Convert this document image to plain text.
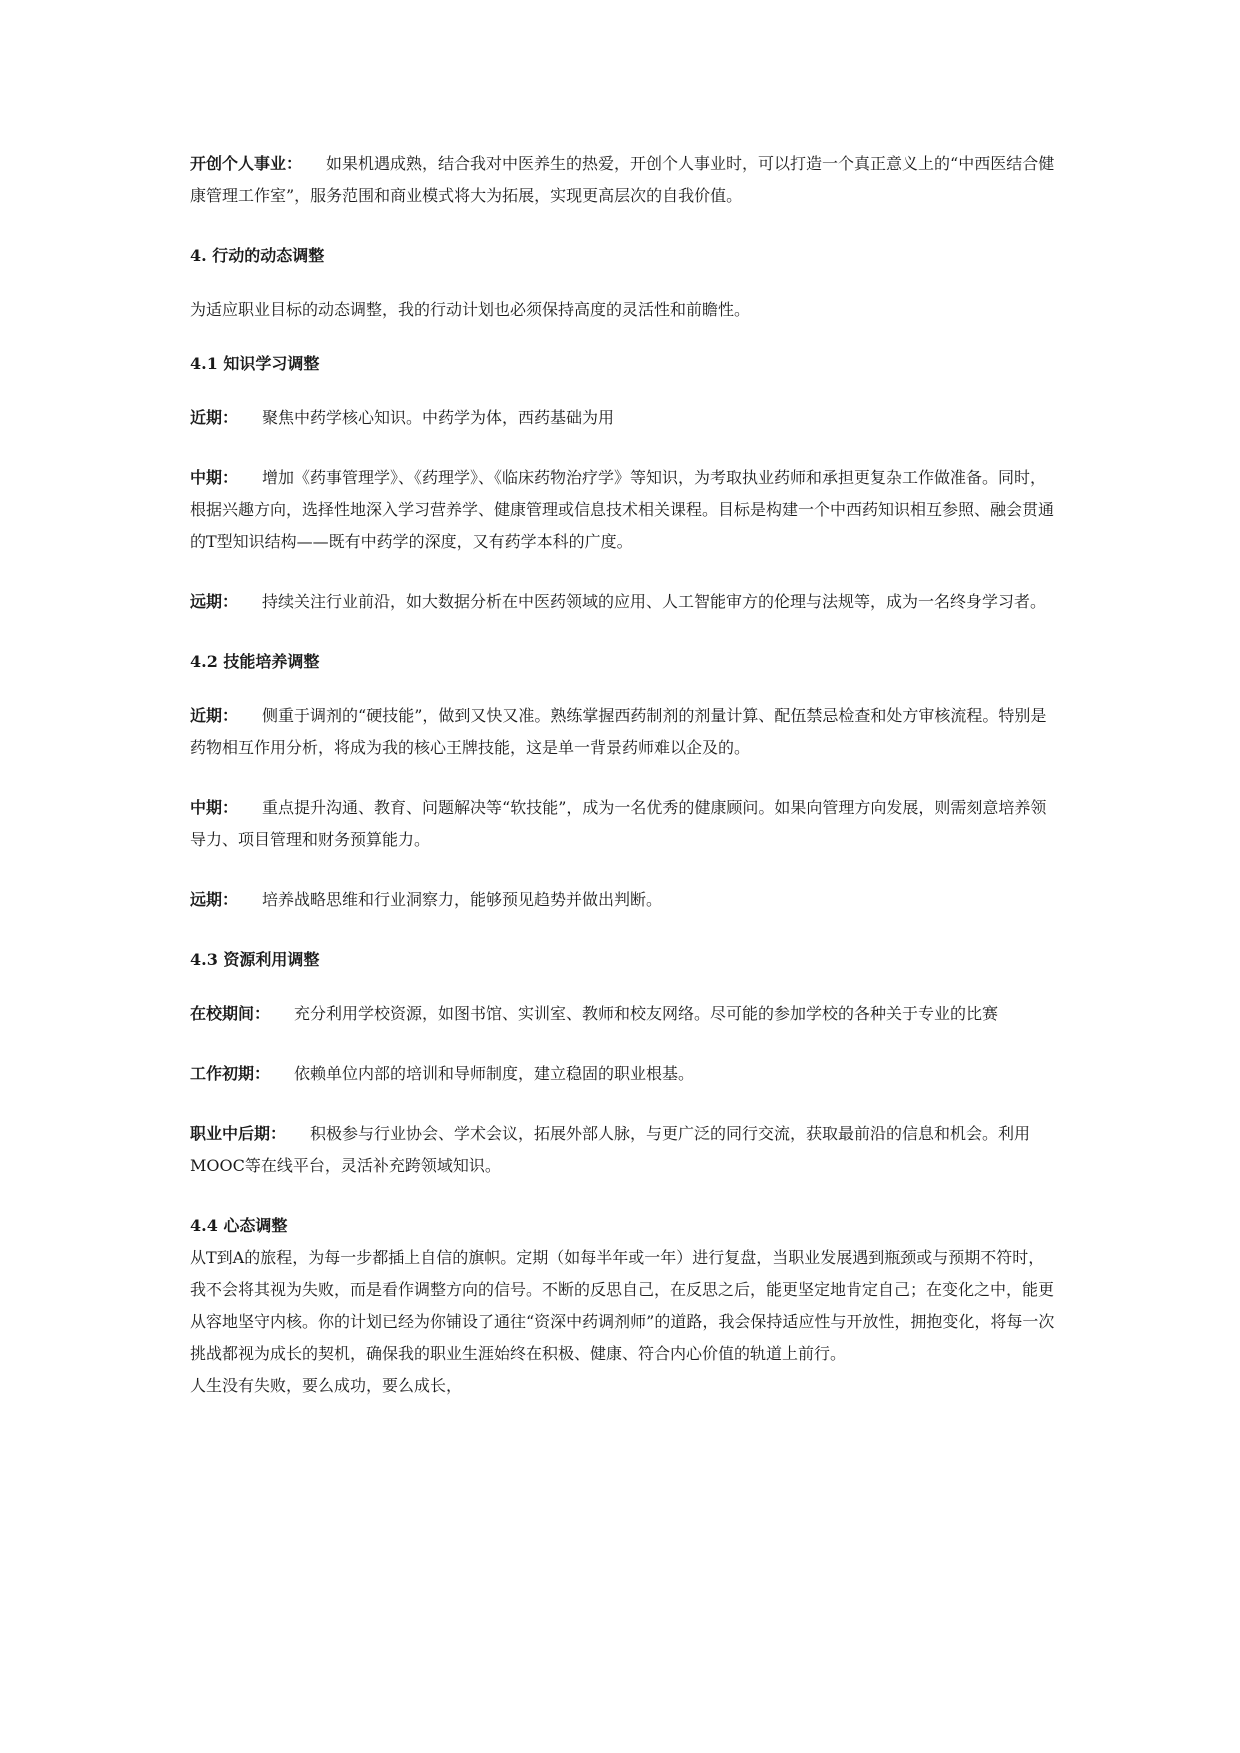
开创个人事业： 如果机遇成熟，结合我对中医养生的热爱，开创个人事业时，可以打造一个真正意义上的“中西医结合健康管理工作室”，服务范围和商业模式将大为拓展，实现更高层次的自我价值。

4. 行动的动态调整

为适应职业目标的动态调整，我的行动计划也必须保持高度的灵活性和前瞻性。

4.1 知识学习调整

近期： 聚焦中药学核心知识。中药学为体，西药基础为用

中期： 增加《药事管理学》、《药理学》、《临床药物治疗学》等知识，为考取执业药师和承担更复杂工作做准备。同时，根据兴趣方向，选择性地深入学习营养学、健康管理或信息技术相关课程。目标是构建一个中西药知识相互参照、融会贯通的T型知识结构——既有中药学的深度，又有药学本科的广度。

远期： 持续关注行业前沿，如大数据分析在中医药领域的应用、人工智能审方的伦理与法规等，成为一名终身学习者。

4.2 技能培养调整

近期： 侧重于调剂的“硬技能”，做到又快又准。熟练掌握西药制剂的剂量计算、配伍禁忌检查和处方审核流程。特别是药物相互作用分析，将成为我的核心王牌技能，这是单一背景药师难以企及的。

中期： 重点提升沟通、教育、问题解决等“软技能”，成为一名优秀的健康顾问。如果向管理方向发展，则需刻意培养领导力、项目管理和财务预算能力。

远期： 培养战略思维和行业洞察力，能够预见趋势并做出判断。

4.3 资源利用调整

在校期间： 充分利用学校资源，如图书馆、实训室、教师和校友网络。尽可能的参加学校的各种关于专业的比赛

工作初期： 依赖单位内部的培训和导师制度，建立稳固的职业根基。

职业中后期： 积极参与行业协会、学术会议，拓展外部人脉，与更广泛的同行交流，获取最前沿的信息和机会。利用MOOC等在线平台，灵活补充跨领域知识。

4.4 心态调整

从T到A的旅程，为每一步都插上自信的旗帜。定期（如每半年或一年）进行复盘，当职业发展遇到瓶颈或与预期不符时，我不会将其视为失败，而是看作调整方向的信号。不断的反思自己，在反思之后，能更坚定地肯定自己；在变化之中，能更从容地坚守内核。你的计划已经为你铺设了通往“资深中药调剂师”的道路，我会保持适应性与开放性，拥抱变化，将每一次挑战都视为成长的契机，确保我的职业生涯始终在积极、健康、符合内心价值的轨道上前行。

人生没有失败，要么成功，要么成长，
